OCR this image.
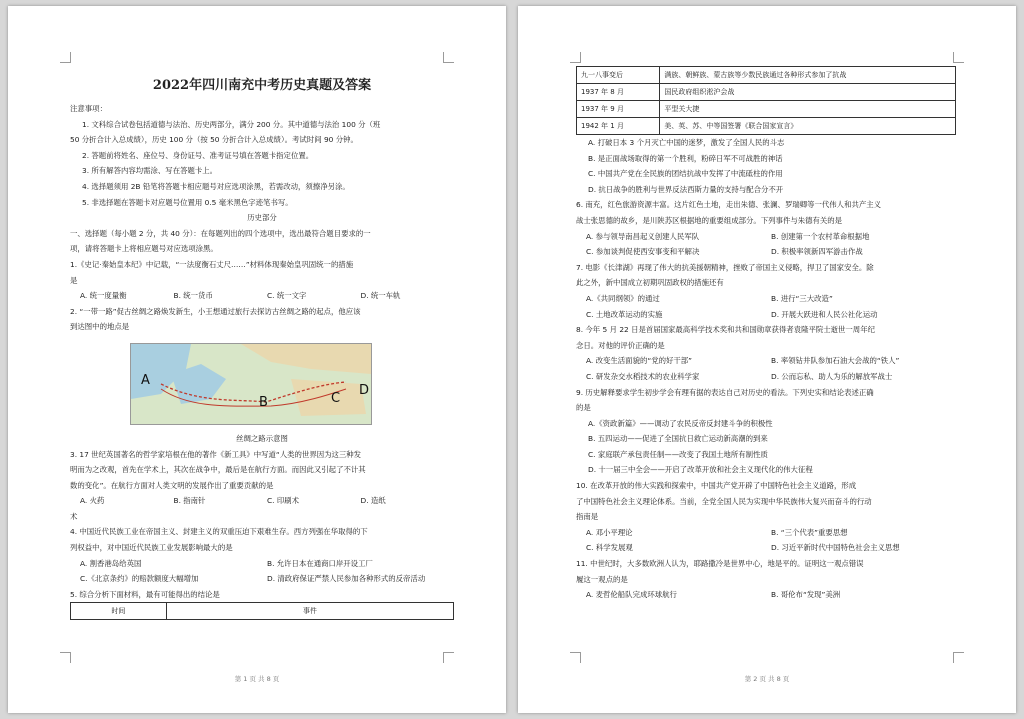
2022年四川南充中考历史真题及答案
注意事项：
1. 文科综合试卷包括道德与法治、历史两部分，满分 200 分。其中道德与法治 100 分（班
50 分折合计入总成绩），历史 100 分（按 50 分折合计入总成绩）。考试时间 90 分钟。
2. 答题前将姓名、座位号、身份证号、准考证号填在答题卡指定位置。
3. 所有解答内容均需涂、写在答题卡上。
4. 选择题须用 2B 铅笔将答题卡相应题号对应选项涂黑，若需改动，须擦净另涂。
5. 非选择题在答题卡对应题号位置用 0.5 毫米黑色字迹笔书写。
历史部分
一、选择题（每小题 2 分，共 40 分）：在每题列出的四个选项中，选出最符合题目要求的一
项，请将答题卡上将相应题号对应选项涂黑。
1.《史记·秦始皇本纪》中记载，“一法度衡石丈尺……”材料体现秦始皇巩固统一的措施
是
A. 统一度量衡	B. 统一货币	C. 统一文字	D. 统一车轨
2. “一带一路”促古丝绸之路焕发新生，小王想通过旅行去探访古丝绸之路的起点，他应该
到达图中的地点是
A
B	C
D
丝绸之路示意图
3. 17 世纪英国著名的哲学家培根在他的著作《新工具》中写道“人类的世界因为这三种发
明而为之改观，首先在学术上，其次在战争中，最后是在航行方面。而因此又引起了不计其
数的变化”。在航行方面对人类文明的发展作出了重要贡献的是
A. 火药	B. 指南针	C. 印刷术	D. 造纸
术
4. 中国近代民族工业在帝国主义、封建主义的双重压迫下艰难生存。西方列强在华取得的下
列权益中，对中国近代民族工业发展影响最大的是
A. 割香港岛给英国	B. 允许日本在通商口岸开设工厂
C.《北京条约》的赔款额度大幅增加	D. 清政府保证严禁人民参加各种形式的反帝活动
5. 综合分析下面材料，最有可能得出的结论是
时间	事件
第 1 页 共 8 页
九一八事变后	满族、朝鲜族、蒙古族等少数民族通过各种形式参加了抗战
1937 年 8 月	国民政府组织淞沪会战
1937 年 9 月	平型关大捷
1942 年 1 月	美、英、苏、中等国签署《联合国家宣言》
A. 打破日本 3 个月灭亡中国的迷梦，激发了全国人民的斗志
B. 是正面战场取得的第一个胜利，粉碎日军不可战胜的神话
C. 中国共产党在全民族的团结抗战中发挥了中流砥柱的作用
D. 抗日战争的胜利与世界反法西斯力量的支持与配合分不开
6. 南充，红色旅游资源丰富。这片红色土地，走出朱德、张澜、罗瑞卿等一代伟人和共产主义
战士张思德的故乡，是川陕苏区根据地的重要组成部分。下列事件与朱德有关的是
A. 参与领导南昌起义创建人民军队	B. 创建第一个农村革命根据地
C. 参加谈判促使西安事变和平解决	D. 积极率领新四军游击作战
7. 电影《长津湖》再现了伟大的抗美援朝精神，挫败了帝国主义侵略，捍卫了国家安全。除
此之外，新中国成立初期巩固政权的措施还有
A.《共同纲领》的通过	B. 进行“三大改造”
C. 土地改革运动的实施	D. 开展大跃进和人民公社化运动
8. 今年 5 月 22 日是首届国家最高科学技术奖和共和国勋章获得者袁隆平院士逝世一周年纪
念日。对他的评价正确的是
A. 改变生活面貌的“党的好干部”	B. 率领钻井队参加石油大会战的“铁人”
C. 研发杂交水稻技术的农业科学家	D. 公而忘私、助人为乐的解放军战士
9. 历史解释要求学生初步学会有理有据的表达自己对历史的看法。下列史实和结论表述正确
的是
A.《资政新篇》——调动了农民反帝反封建斗争的积极性
B. 五四运动——促进了全国抗日救亡运动新高潮的到来
C. 家庭联产承包责任制——改变了我国土地所有制性质
D. 十一届三中全会——开启了改革开放和社会主义现代化的伟大征程
10. 在改革开放的伟大实践和探索中，中国共产党开辟了中国特色社会主义道路，形成
了中国特色社会主义理论体系。当前，全党全国人民为实现中华民族伟大复兴而奋斗的行动
指南是
A. 邓小平理论	B. “三个代表”重要思想
C. 科学发展观	D. 习近平新时代中国特色社会主义思想
11. 中世纪时，大多数欧洲人认为，耶路撒冷是世界中心，地是平的。证明这一观点错误
履这一观点的是
A. 麦哲伦船队完成环球航行	B. 哥伦布“发现”美洲
第 2 页 共 8 页
